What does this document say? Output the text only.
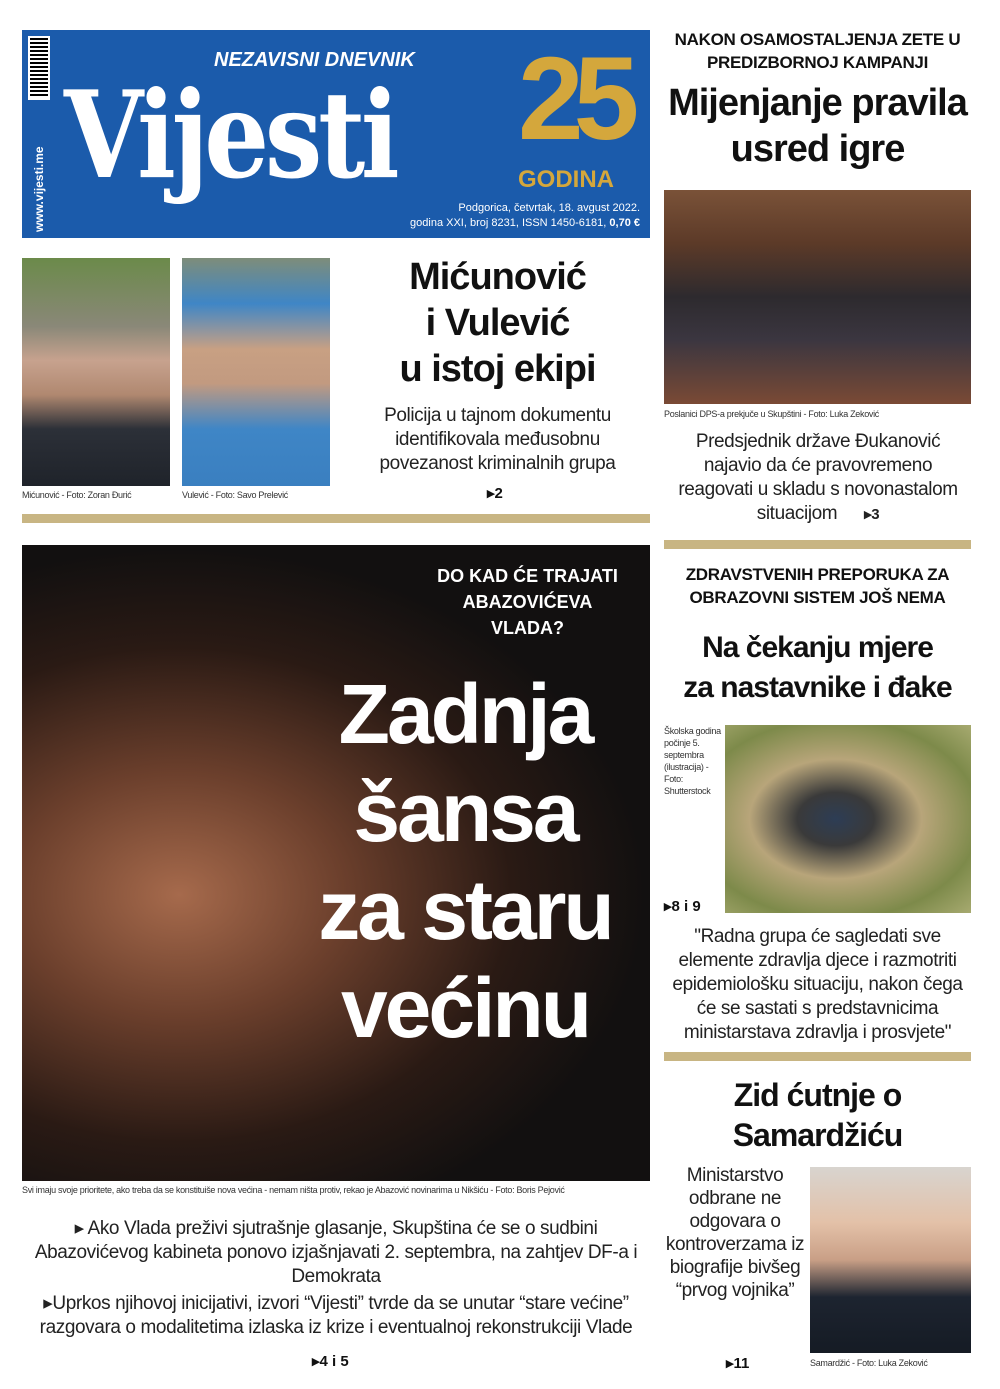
www.vijesti.me
NEZAVISNI DNEVNIK
Vijesti 25
GODINA
Podgorica, četvrtak, 18. avgust 2022.
godina XXI, broj 8231, ISSN 1450-6181, 0,70 €
Mićunović - Foto: Zoran Đurić	Vulević - Foto: Savo Prelević
Mićunović
i Vulević
u istoj ekipi
Policija u tajnom dokumentu identifikovala međusobnu povezanost kriminalnih grupa
▸2
NAKON OSAMOSTALJENJA ZETE U PREDIZBORNOJ KAMPANJI
Mijenjanje pravila
usred igre
Poslanici DPS-a prekjuče u Skupštini - Foto: Luka Zeković
Predsjednik države Đukanović najavio da će pravovremeno reagovati u skladu s novonastalom situacijom ▸3
DO KAD ĆE TRAJATI ABAZOVIĆEVA VLADA?
Zadnja
šansa
za staru
većinu
Svi imaju svoje prioritete, ako treba da se konstituiše nova većina - nemam ništa protiv, rekao je Abazović novinarima u Nikšiću - Foto: Boris Pejović
▸ Ako Vlada preživi sjutrašnje glasanje, Skupština će se o sudbini Abazovićevog kabineta ponovo izjašnjavati 2. septembra, na zahtjev DF-a i Demokrata
▸Uprkos njihovoj inicijativi, izvori “Vijesti” tvrde da se unutar “stare većine” razgovara o modalitetima izlaska iz krize i eventualnoj rekonstrukciji Vlade
▸4 i 5
ZDRAVSTVENIH PREPORUKA ZA OBRAZOVNI SISTEM JOŠ NEMA
Na čekanju mjere
za nastavnike i đake
Školska godina počinje 5. septembra (ilustracija) - Foto: Shutterstock
▸8 i 9
"Radna grupa će sagledati sve elemente zdravlja djece i razmotriti epidemiološku situaciju, nakon čega će se sastati s predstavnicima ministarstava zdravlja i prosvjete"
Zid ćutnje o
Samardžiću
Ministarstvo odbrane ne odgovara o kontroverzama iz biografije bivšeg “prvog vojnika”
▸11	Samardžić - Foto: Luka Zeković
